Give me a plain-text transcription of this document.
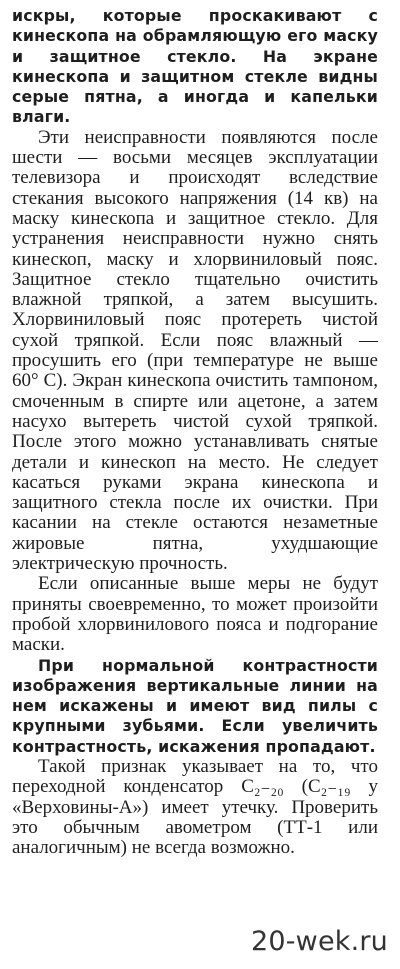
искры, которые проскакивают с кинескопа на обрамляющую его маску и защитное стекло. На экране кинескопа и защитном стекле видны серые пятна, а иногда и капельки влаги.

Эти неисправности появляются после шести — восьми месяцев эксплуатации телевизора и происходят вследствие стекания высокого напряжения (14 кв) на маску кинескопа и защитное стекло. Для устранения неисправности нужно снять кинескоп, маску и хлорвиниловый пояс. Защитное стекло тщательно очистить влажной тряпкой, а затем высушить. Хлорвиниловый пояс протереть чистой сухой тряпкой. Если пояс влажный — просушить его (при температуре не выше 60° C). Экран кинескопа очистить тампоном, смоченным в спирте или ацетоне, а затем насухо вытереть чистой сухой тряпкой. После этого можно устанавливать снятые детали и кинескоп на место. Не следует касаться руками экрана кинескопа и защитного стекла после их очистки. При касании на стекле остаются незаметные жировые пятна, ухудшающие электрическую прочность.

Если описанные выше меры не будут приняты своевременно, то может произойти пробой хлорвинилового пояса и подгорание маски.

При нормальной контрастности изображения вертикальные линии на нем искажены и имеют вид пилы с крупными зубьями. Если увеличить контрастность, искажения пропадают.

Такой признак указывает на то, что переходной конденсатор C₂₋₂₀ (C₂₋₁₉ у «Верховины-А») имеет утечку. Проверить это обычным авометром (ТТ-1 или аналогичным) не всегда возможно.

20-wek.ru
